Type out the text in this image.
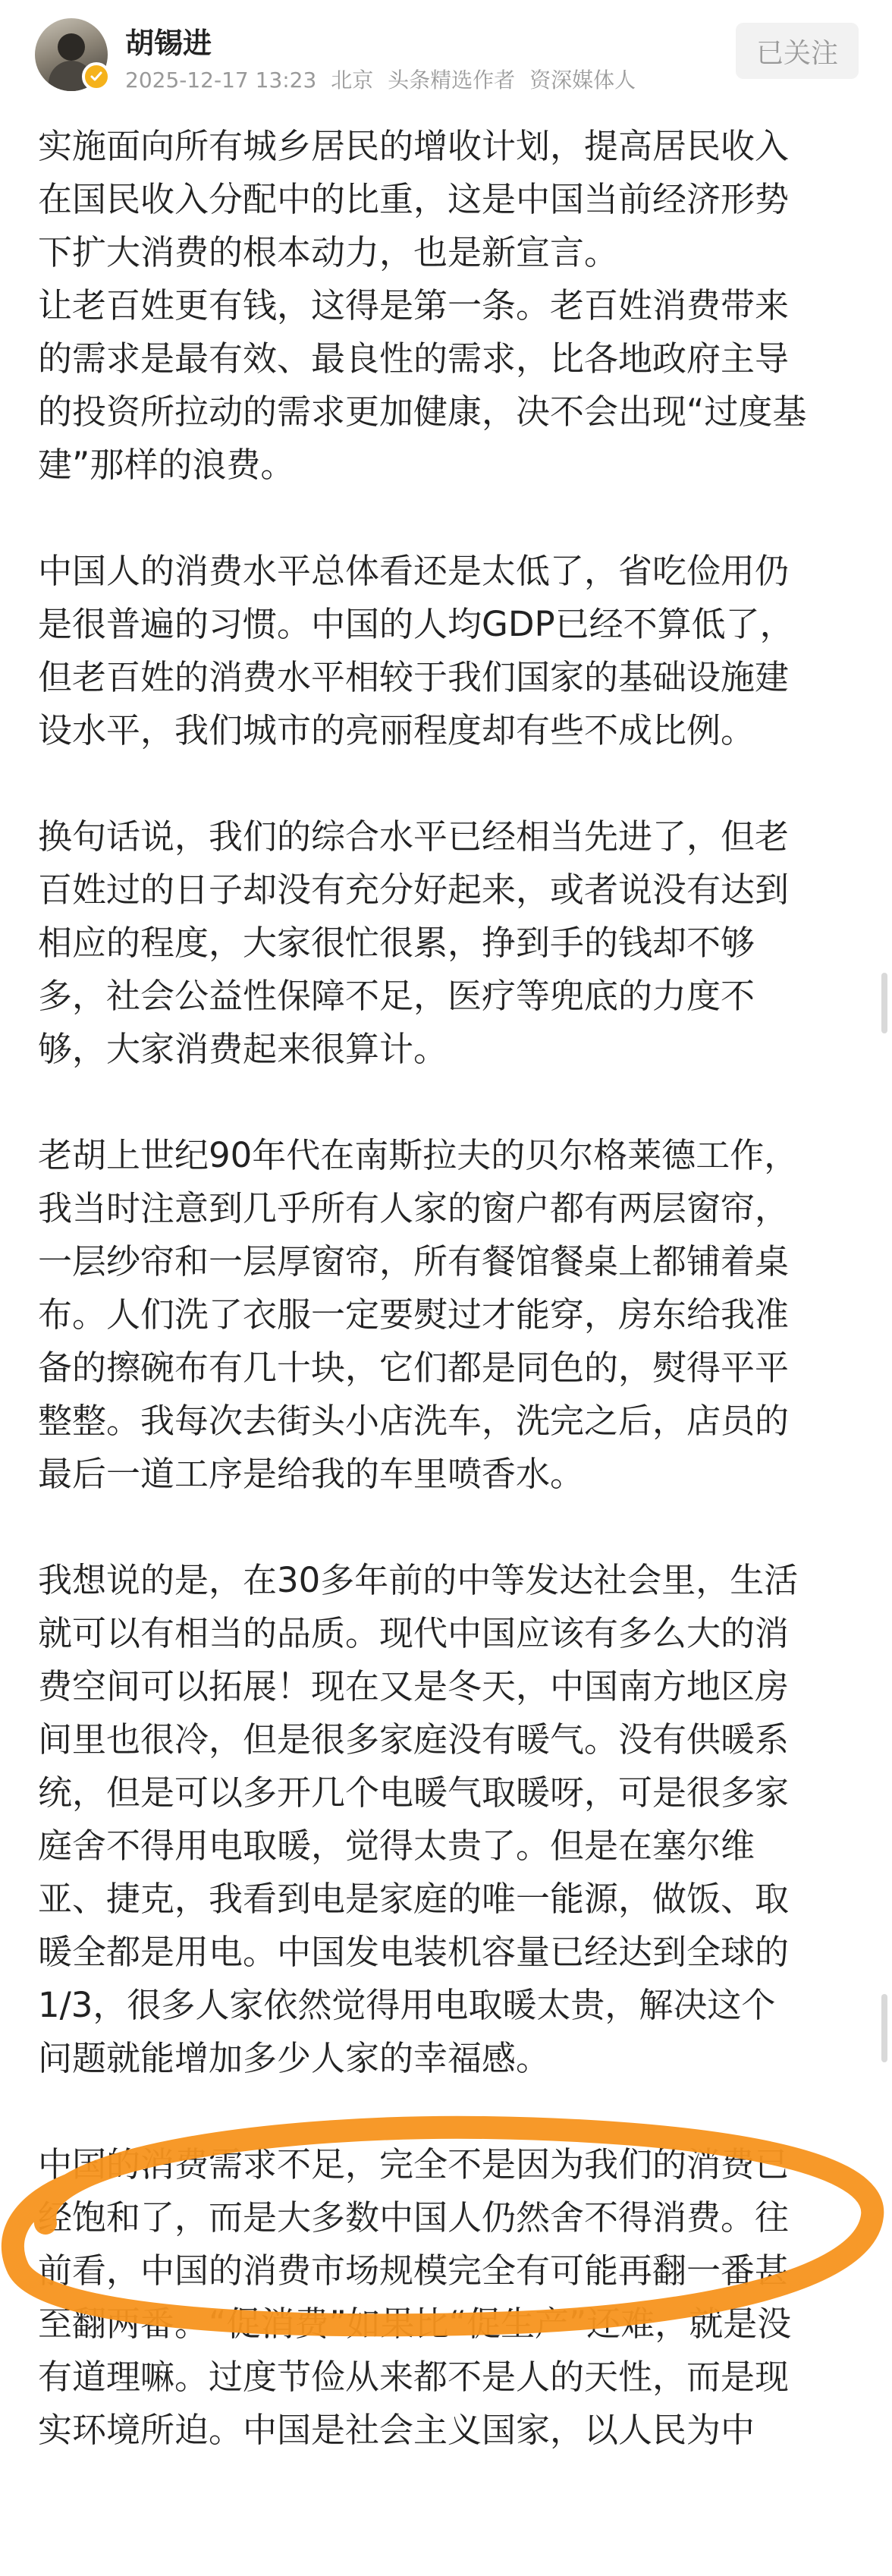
胡锡进
2025-12-17 13:23 北京 头条精选作者 资深媒体人
已关注

实施面向所有城乡居民的增收计划，提高居民收入
在国民收入分配中的比重，这是中国当前经济形势
下扩大消费的根本动力，也是新宣言。
让老百姓更有钱，这得是第一条。老百姓消费带来
的需求是最有效、最良性的需求，比各地政府主导
的投资所拉动的需求更加健康，决不会出现“过度基
建”那样的浪费。

中国人的消费水平总体看还是太低了，省吃俭用仍
是很普遍的习惯。中国的人均GDP已经不算低了，
但老百姓的消费水平相较于我们国家的基础设施建
设水平，我们城市的亮丽程度却有些不成比例。

换句话说，我们的综合水平已经相当先进了，但老
百姓过的日子却没有充分好起来，或者说没有达到
相应的程度，大家很忙很累，挣到手的钱却不够
多，社会公益性保障不足，医疗等兜底的力度不
够，大家消费起来很算计。

老胡上世纪90年代在南斯拉夫的贝尔格莱德工作，
我当时注意到几乎所有人家的窗户都有两层窗帘，
一层纱帘和一层厚窗帘，所有餐馆餐桌上都铺着桌
布。人们洗了衣服一定要熨过才能穿，房东给我准
备的擦碗布有几十块，它们都是同色的，熨得平平
整整。我每次去街头小店洗车，洗完之后，店员的
最后一道工序是给我的车里喷香水。

我想说的是，在30多年前的中等发达社会里，生活
就可以有相当的品质。现代中国应该有多么大的消
费空间可以拓展！现在又是冬天，中国南方地区房
间里也很冷，但是很多家庭没有暖气。没有供暖系
统，但是可以多开几个电暖气取暖呀，可是很多家
庭舍不得用电取暖，觉得太贵了。但是在塞尔维
亚、捷克，我看到电是家庭的唯一能源，做饭、取
暖全都是用电。中国发电装机容量已经达到全球的
1/3，很多人家依然觉得用电取暖太贵，解决这个
问题就能增加多少人家的幸福感。

中国的消费需求不足，完全不是因为我们的消费已
经饱和了，而是大多数中国人仍然舍不得消费。往
前看，中国的消费市场规模完全有可能再翻一番甚
至翻两番。“促消费”如果比“促生产”还难，就是没
有道理嘛。过度节俭从来都不是人的天性，而是现
实环境所迫。中国是社会主义国家，以人民为中
